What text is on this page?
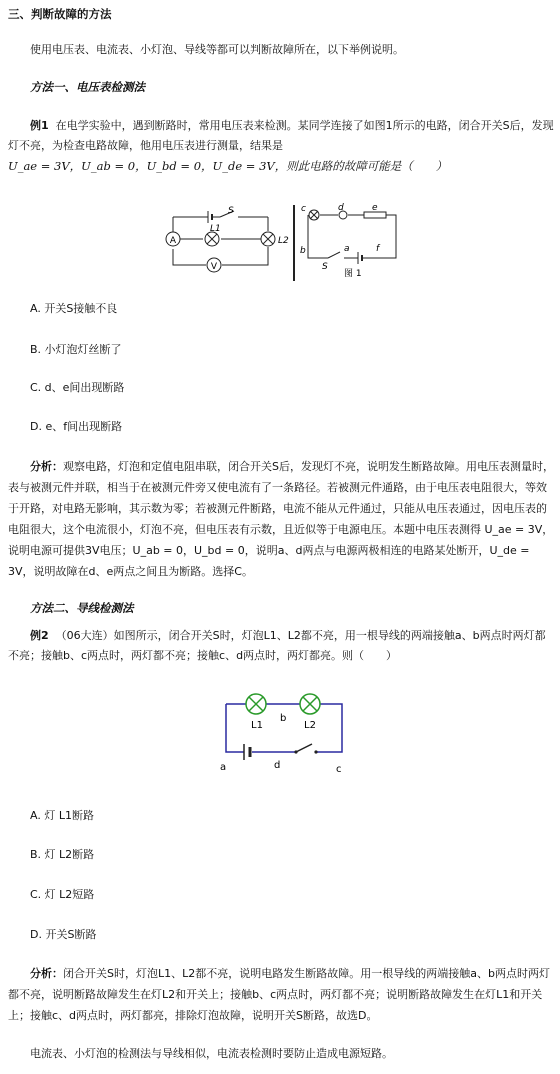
三、判断故障的方法
使用电压表、电流表、小灯泡、导线等都可以判断故障所在，以下举例说明。
方法一、电压表检测法
例1 在电学实验中，遇到断路时，常用电压表来检测。某同学连接了如图1所示的电路，闭合开关S后，发现灯不亮，为检查电路故障，他用电压表进行测量，结果是
U_ae = 3V，U_ab = 0，U_bd = 0，U_de = 3V，则此电路的故障可能是（　　）
A
V
S
L1
L2
c	d	e
b	a	f
S
图 1
A. 开关S接触不良
B. 小灯泡灯丝断了
C. d、e间出现断路
D. e、f间出现断路
分析：观察电路，灯泡和定值电阻串联，闭合开关S后，发现灯不亮，说明发生断路故障。用电压表测量时，表与被测元件并联，相当于在被测元件旁又使电流有了一条路径。若被测元件通路，由于电压表电阻很大，等效于开路，对电路无影响，其示数为零；若被测元件断路，电流不能从元件通过，只能从电压表通过，因电压表的电阻很大，这个电流很小，灯泡不亮，但电压表有示数，且近似等于电源电压。本题中电压表测得 U_ae = 3V，说明电源可提供3V电压；U_ab = 0，U_bd = 0，说明a、d两点与电源两极相连的电路某处断开，U_de = 3V，说明故障在d、e两点之间且为断路。选择C。
方法二、导线检测法
例2 （06大连）如图所示，闭合开关S时，灯泡L1、L2都不亮，用一根导线的两端接触a、b两点时两灯都不亮；接触b、c两点时，两灯都不亮；接触c、d两点时，两灯都亮。则（　　）
L1	L2
b
a	d	c
A. 灯 L1断路
B. 灯 L2断路
C. 灯 L2短路
D. 开关S断路
分析：闭合开关S时，灯泡L1、L2都不亮，说明电路发生断路故障。用一根导线的两端接触a、b两点时两灯都不亮，说明断路故障发生在灯L2和开关上；接触b、c两点时，两灯都不亮；说明断路故障发生在灯L1和开关上；接触c、d两点时，两灯都亮，排除灯泡故障，说明开关S断路，故选D。
电流表、小灯泡的检测法与导线相似，电流表检测时要防止造成电源短路。
